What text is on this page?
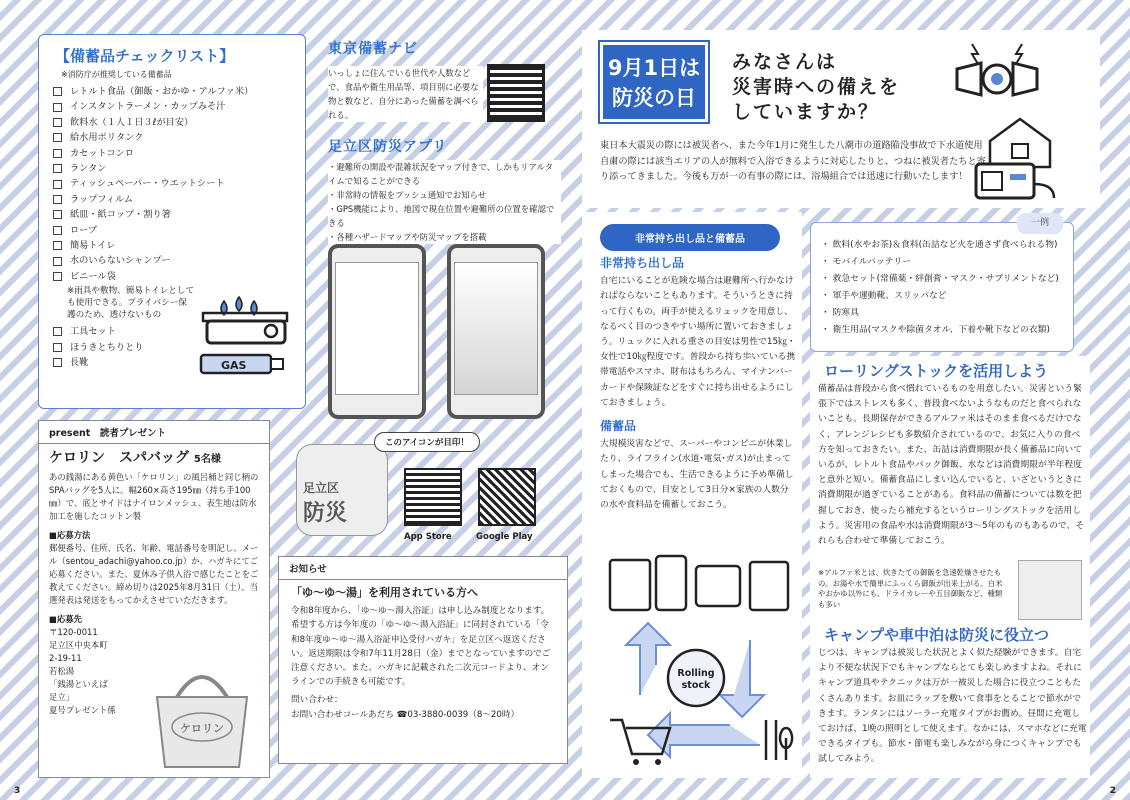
【備蓄品チェックリスト】
※消防庁が推奨している備蓄品
レトルト食品（御飯・おかゆ・アルファ米）
インスタントラーメン・カップみそ汁
飲料水（１人１日３ℓが目安）
給水用ポリタンク
カセットコンロ
ランタン
ティッシュペーパー・ウエットシート
ラップフィルム
紙皿・紙コップ・割り箸
ロープ
簡易トイレ
水のいらないシャンプー
ビニール袋
※雨具や敷物、簡易トイレとしても使用できる。プライバシー保護のため、透けないもの
工具セット
ほうきとちりとり
長靴	GAS
東京備蓄ナビ
いっしょに住んでいる世代や人数などで、食品や衛生用品等、項目別に必要な物と数など、自分にあった備蓄を調べられる。
足立区防災アプリ
・避難所の開設や混雑状況をマップ付きで、しかもリアルタイムで知ることができる
・非常時の情報をプッシュ通知でお知らせ
・GPS機能により、地図で現在位置や避難所の位置を確認できる
・各種ハザードマップや防災マップを搭載
足立区
防災
このアイコンが目印！
App Store	Google Play
present　 読者プレゼント
ケロリン　スパバッグ 5名様
あの銭湯にある黄色い「ケロリン」の風呂桶と同じ柄のSPAバッグを5人に。幅260×高さ195㎜（持ち手100㎜）で、底とサイドはナイロンメッシュ、表生地は防水加工を施したコットン製
■応募方法
郵便番号、住所、氏名、年齢、電話番号を明記し、メール（sentou_adachi@yahoo.co.jp）か、ハガキにてご応募ください。また、夏休み子供入浴で感じたことをご教えてください。締め切りは2025年8月31日（土）。当選発表は発送をもってかえさせていただきます。
■応募先
〒120-0011
足立区中央本町
2-19-11
若松湯
「銭湯といえば
足立」
夏号プレゼント係
ケロリン
お知らせ
「ゆ〜ゆ〜湯」を利用されている方へ
令和8年度から、「ゆ〜ゆ〜湯入浴証」は申し込み制度となります。希望する方は今年度の「ゆ〜ゆ〜湯入浴証」に同封されている「令和8年度ゆ〜ゆ〜湯入浴証申込受付ハガキ」を足立区へ返送ください。返送期限は令和7年11月28日（金）までとなっていますのでご注意ください。また、ハガキに記載された二次元コードより、オンラインでの手続きも可能です。
問い合わせ：
お問い合わせコールあだち ☎03-3880-0039（8〜20時）
9月1日は
防災の日
みなさんは
災害時への備えを
していますか？
東日本大震災の際には被災者へ、また今年1月に発生した八潮市の道路陥没事故で下水道使用自粛の際には該当エリアの人が無料で入浴できるように対応したりと、つねに被災者たちと寄り添ってきました。今後も万が一の有事の際には、浴場組合では迅速に行動いたします！
非常持ち出し品と備蓄品
一例
・ 飲料(水やお茶)＆食料(缶詰など火を通さず食べられる物)
・ モバイルバッテリー
・ 救急セット(常備薬・絆創膏・マスク・サプリメントなど)
・ 軍手や運動靴、スリッパなど
・ 防寒具
・ 衛生用品(マスクや除菌タオル、下着や靴下などの衣類)
非常持ち出し品
自宅にいることが危険な場合は避難所へ行かなければならないこともあります。そういうときに持って行くもの。両手が使えるリュックを用意し、なるべく目のつきやすい場所に置いておきましょう。リュックに入れる重さの目安は男性で15㎏・女性で10㎏程度です。普段から持ち歩いている携帯電話やスマホ、財布はもちろん、マイナンバーカードや保険証などをすぐに持ち出せるようにしておきましょう。
備蓄品
大規模災害などで、スーパーやコンビニが休業したり、ライフライン(水道･電気･ガス)が止まってしまった場合でも、生活できるように予め準備しておくもので、目安として3日分×家族の人数分の水や食料品を備蓄しておこう。
Rolling
stock
ローリングストックを活用しよう
備蓄品は普段から食べ慣れているものを用意したい。災害という緊張下ではストレスも多く、普段食べないようなものだと食べられないことも。長期保存ができるアルファ米はそのまま食べるだけでなく、アレンジレシピも多数紹介されているので、お気に入りの食べ方を知っておきたい。また、缶詰は消費期限が長く備蓄品に向いているが、レトルト食品やパック御飯、水などは消費期限が半年程度と意外と短い。備蓄食品にしまい込んでいると、いざというときに消費期限が過ぎていることがある。食料品の備蓄については数を把握しておき、使ったら補充するというローリングストックを活用しよう。災害用の食品や水は消費期限が3〜5年のものもあるので、それらも合わせて準備しておこう。
※アルファ米とは、炊きたての御飯を急速乾燥させたもの。お湯や水で簡単にふっくら御飯が出来上がる。白米やおかゆ以外にも、ドライカレーや五目御飯など、種類も多い
キャンプや車中泊は防災に役立つ
じつは、キャンプは被災した状況とよく似た経験ができます。自宅より不便な状況下でもキャンプならとても楽しめますよね。それにキャンプ道具やテクニックは万が一被災した場合に役立つこともたくさんあります。お皿にラップを敷いて食事をとることで節水ができます。ランタンにはソーラー充電タイプがお薦め。昼間に充電しておけば、1晩の照明として使えます。なかには、スマホなどに充電できるタイプも。節水・節電も楽しみながら身につくキャンプでも試してみよう。
3	2
